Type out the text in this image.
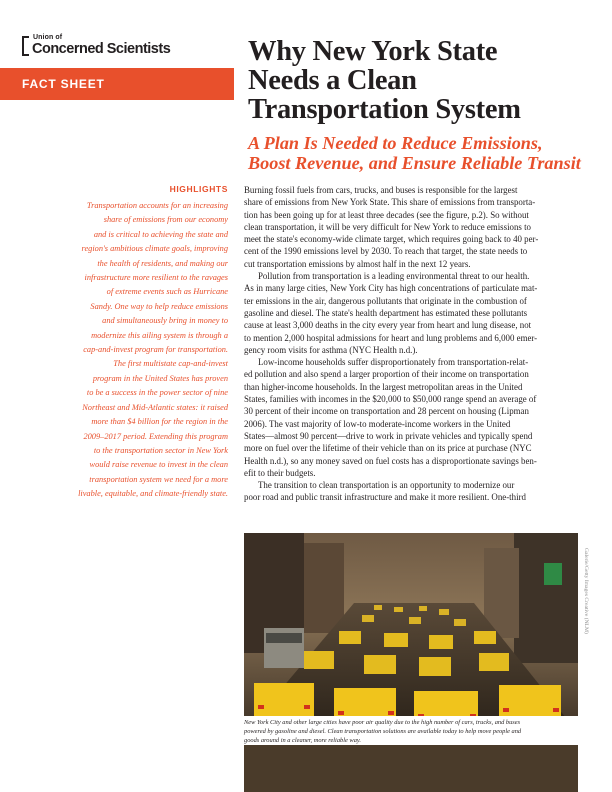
Union of
Concerned Scientists
FACT SHEET
Why New York State
Needs a Clean
Transportation System
A Plan Is Needed to Reduce Emissions,
Boost Revenue, and Ensure Reliable Transit
HIGHLIGHTS
Transportation accounts for an increasing
share of emissions from our economy
and is critical to achieving the state and
region's ambitious climate goals, improving
the health of residents, and making our
infrastructure more resilient to the ravages
of extreme events such as Hurricane
Sandy. One way to help reduce emissions
and simultaneously bring in money to
modernize this ailing system is through a
cap-and-invest program for transportation.
The first multistate cap-and-invest
program in the United States has proven
to be a success in the power sector of nine
Northeast and Mid-Atlantic states: it raised
more than $4 billion for the region in the
2009–2017 period. Extending this program
to the transportation sector in New York
would raise revenue to invest in the clean
transportation system we need for a more
livable, equitable, and climate-friendly state.
Burning fossil fuels from cars, trucks, and buses is responsible for the largest
share of emissions from New York State. This share of emissions from transporta-
tion has been going up for at least three decades (see the figure, p.2). So without
clean transportation, it will be very difficult for New York to reduce emissions to
meet the state's economy-wide climate target, which requires going back to 40 per-
cent of the 1990 emissions level by 2030. To reach that target, the state needs to
cut transportation emissions by almost half in the next 12 years.
Pollution from transportation is a leading environmental threat to our health.
As in many large cities, New York City has high concentrations of particulate mat-
ter emissions in the air, dangerous pollutants that originate in the combustion of
gasoline and diesel. The state's health department has estimated these pollutants
cause at least 3,000 deaths in the city every year from heart and lung disease, not
to mention 2,000 hospital admissions for heart and lung problems and 6,000 emer-
gency room visits for asthma (NYC Health n.d.).
Low-income households suffer disproportionately from transportation-relat-
ed pollution and also spend a larger proportion of their income on transportation
than higher-income households. In the largest metropolitan areas in the United
States, families with incomes in the $20,000 to $50,000 range spend an average of
30 percent of their income on transportation and 28 percent on housing (Lipman
2006). The vast majority of low-to moderate-income workers in the United
States—almost 90 percent—drive to work in private vehicles and typically spend
more on fuel over the lifetime of their vehicle than on its price at purchase (NYC
Health n.d.), so any money saved on fuel costs has a disproportionate savings ben-
efit to their budgets.
The transition to clean transportation is an opportunity to modernize our
poor road and public transit infrastructure and make it more resilient. One-third
Galerie/Getty Images Creative (NLM)
New York City and other large cities have poor air quality due to the high number of cars, trucks, and buses
powered by gasoline and diesel. Clean transportation solutions are available today to help move people and
goods around in a cleaner, more reliable way.
